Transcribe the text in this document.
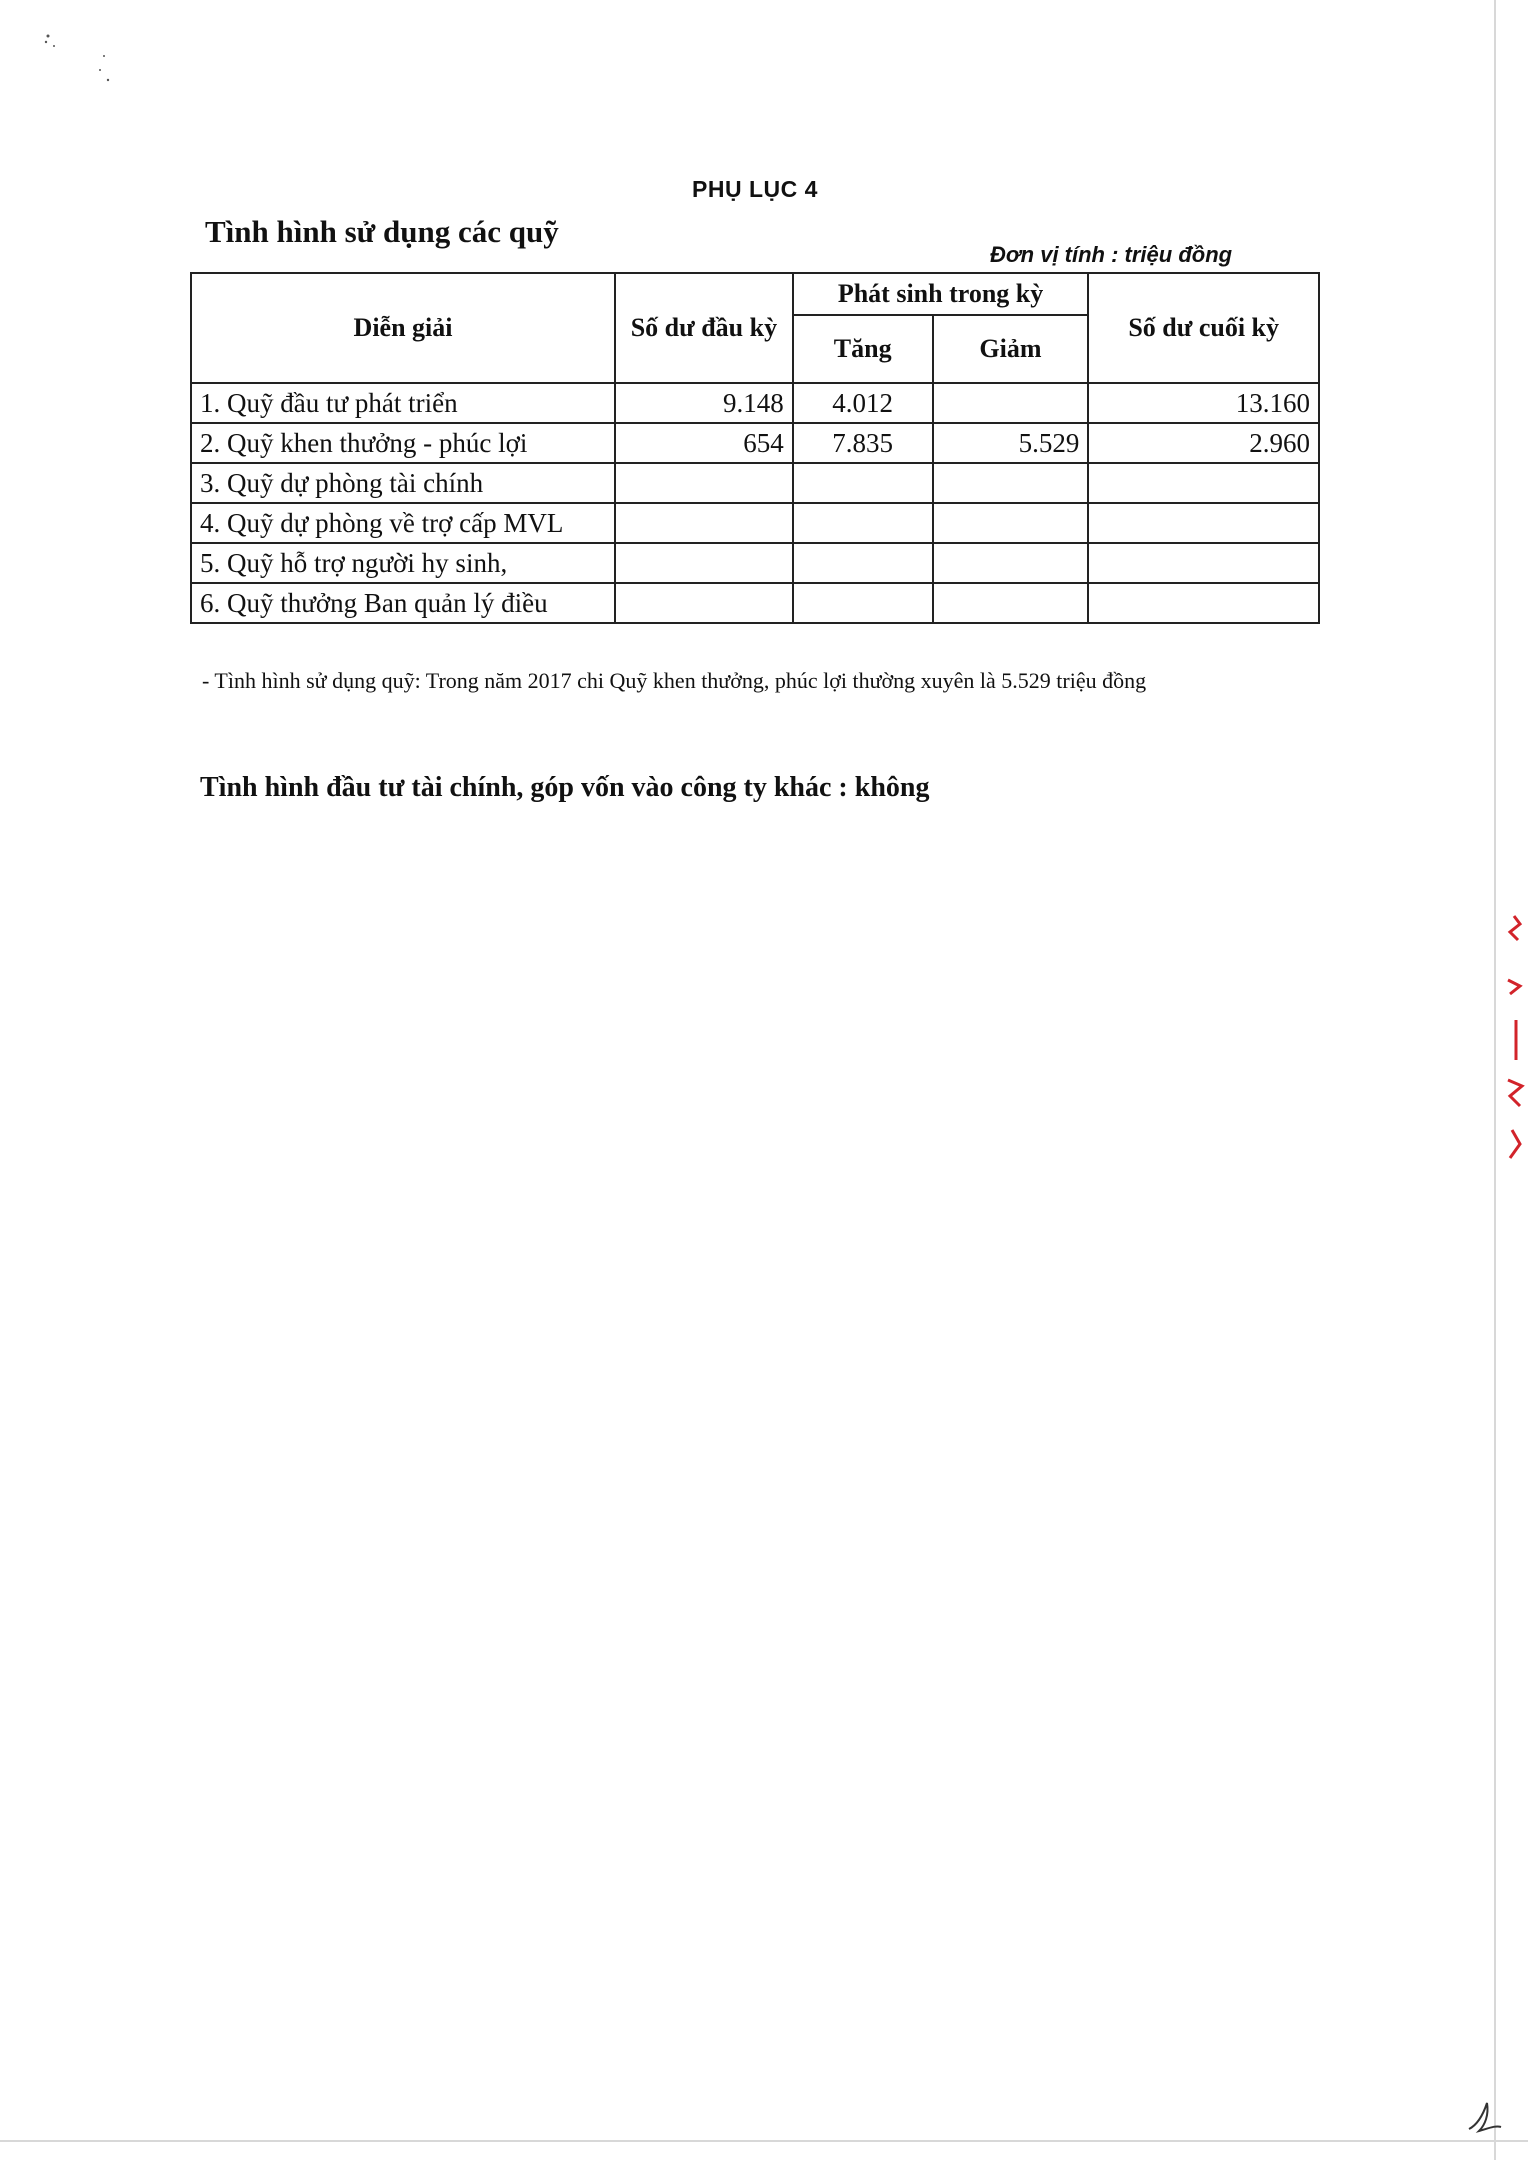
PHỤ LỤC 4
Tình hình sử dụng các quỹ
Đơn vị tính : triệu đồng
Diễn giải	Số dư đầu kỳ	Phát sinh trong kỳ		Số dư cuối kỳ
		Tăng	Giảm	
1. Quỹ đầu tư phát triển	9.148	4.012		13.160
2. Quỹ khen thưởng - phúc lợi	654	7.835	5.529	2.960
3. Quỹ dự phòng tài chính				
4. Quỹ dự phòng về trợ cấp MVL				
5. Quỹ hỗ trợ người hy sinh,				
6. Quỹ thưởng Ban quản lý điều				
- Tình hình sử dụng quỹ: Trong năm 2017 chi Quỹ khen thưởng, phúc lợi thường xuyên là 5.529 triệu đồng
Tình hình đầu tư tài chính, góp vốn vào công ty khác : không
